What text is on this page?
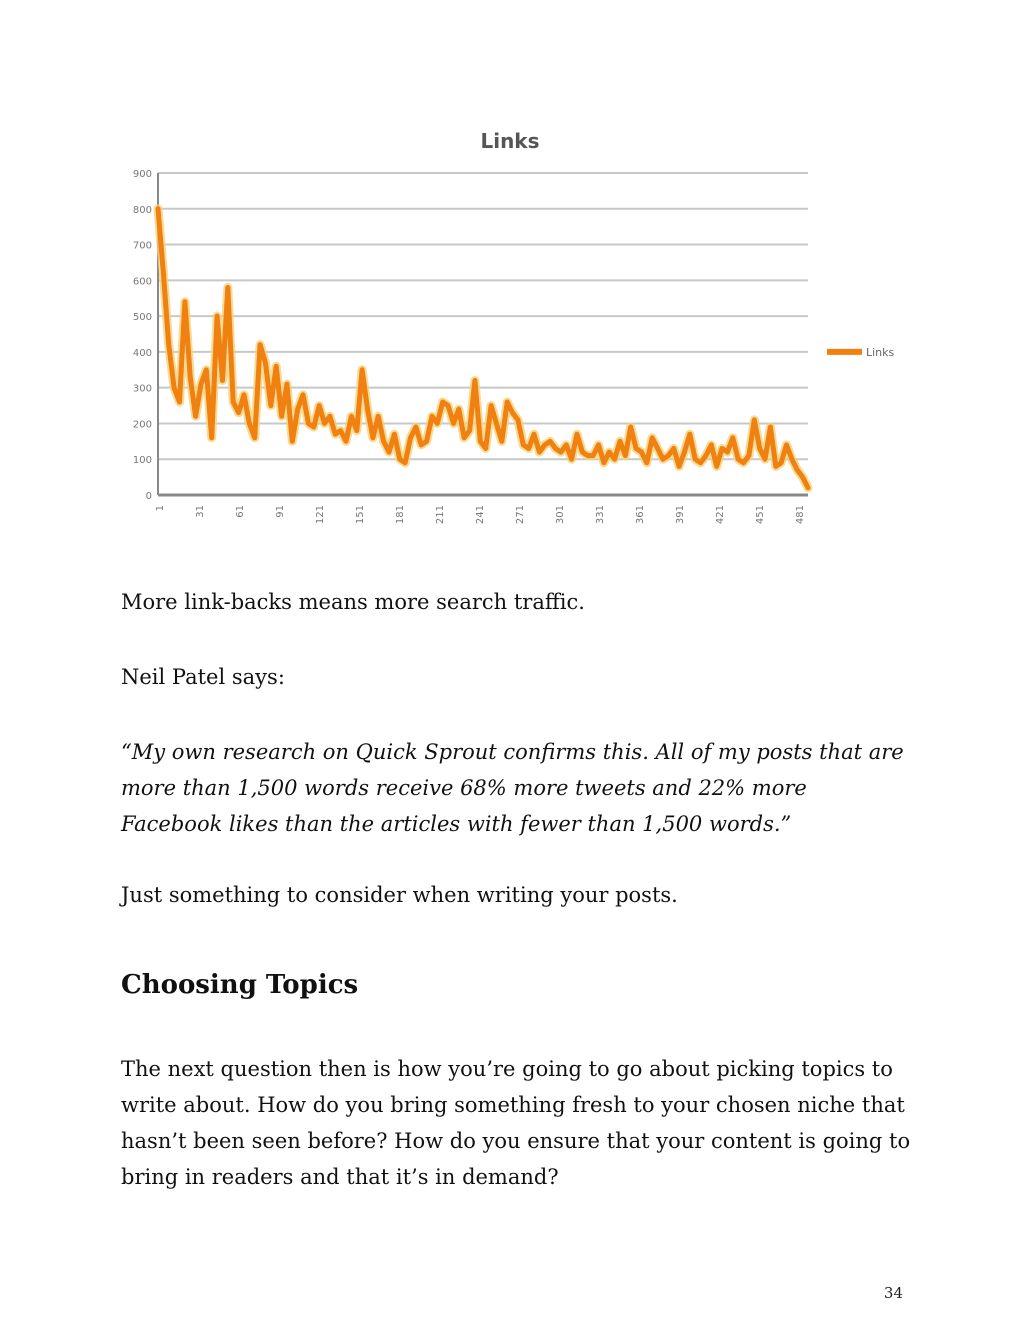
Links
0
100
200
300
400
500
600
700
800
900
1	31	61	91	121	151	181	211	241	271	301	331	361	391	421	451	481
Links

More link-backs means more search traffic.

Neil Patel says:

“My own research on Quick Sprout confirms this. All of my posts that are more than 1,500 words receive 68% more tweets and 22% more Facebook likes than the articles with fewer than 1,500 words.”

Just something to consider when writing your posts.

Choosing Topics

The next question then is how you’re going to go about picking topics to write about. How do you bring something fresh to your chosen niche that hasn’t been seen before? How do you ensure that your content is going to bring in readers and that it’s in demand?

34
